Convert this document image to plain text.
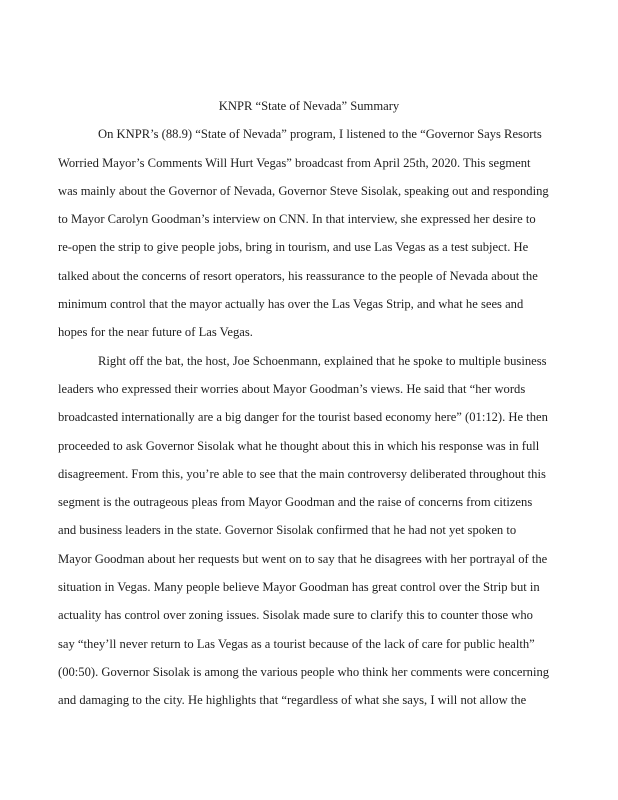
KNPR “State of Nevada” Summary
On KNPR’s (88.9) “State of Nevada” program, I listened to the “Governor Says Resorts
Worried Mayor’s Comments Will Hurt Vegas” broadcast from April 25th, 2020. This segment
was mainly about the Governor of Nevada, Governor Steve Sisolak, speaking out and responding
to Mayor Carolyn Goodman’s interview on CNN. In that interview, she expressed her desire to
re-open the strip to give people jobs, bring in tourism, and use Las Vegas as a test subject. He
talked about the concerns of resort operators, his reassurance to the people of Nevada about the
minimum control that the mayor actually has over the Las Vegas Strip, and what he sees and
hopes for the near future of Las Vegas.
Right off the bat, the host, Joe Schoenmann, explained that he spoke to multiple business
leaders who expressed their worries about Mayor Goodman’s views. He said that “her words
broadcasted internationally are a big danger for the tourist based economy here” (01:12). He then
proceeded to ask Governor Sisolak what he thought about this in which his response was in full
disagreement. From this, you’re able to see that the main controversy deliberated throughout this
segment is the outrageous pleas from Mayor Goodman and the raise of concerns from citizens
and business leaders in the state. Governor Sisolak confirmed that he had not yet spoken to
Mayor Goodman about her requests but went on to say that he disagrees with her portrayal of the
situation in Vegas. Many people believe Mayor Goodman has great control over the Strip but in
actuality has control over zoning issues. Sisolak made sure to clarify this to counter those who
say “they’ll never return to Las Vegas as a tourist because of the lack of care for public health”
(00:50). Governor Sisolak is among the various people who think her comments were concerning
and damaging to the city. He highlights that “regardless of what she says, I will not allow the
